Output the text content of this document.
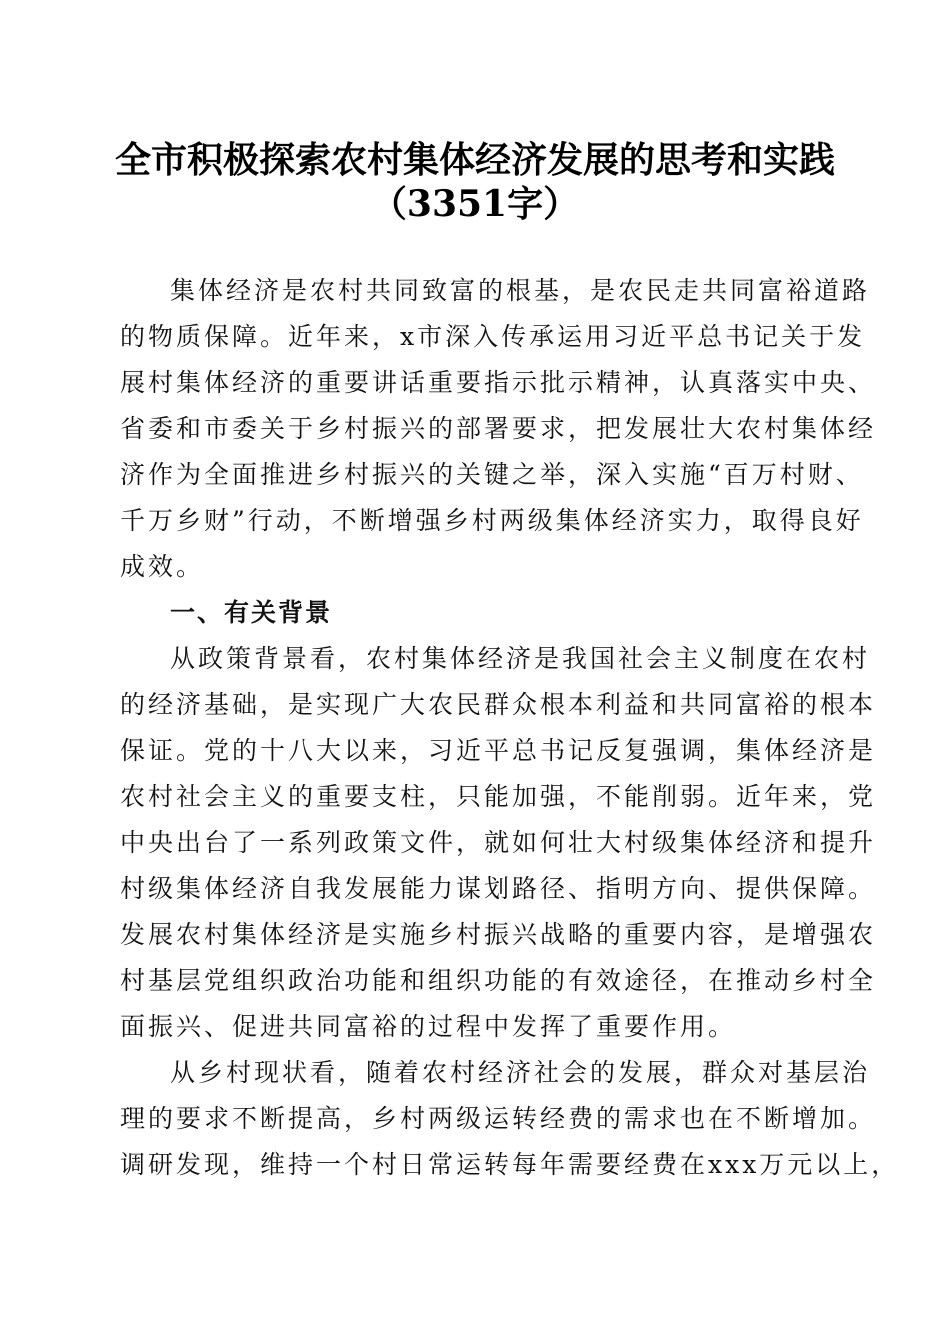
全市积极探索农村集体经济发展的思考和实践
（3351字）
集体经济是农村共同致富的根基，是农民走共同富裕道路
的物质保障。近年来，x市深入传承运用习近平总书记关于发
展村集体经济的重要讲话重要指示批示精神，认真落实中央、
省委和市委关于乡村振兴的部署要求，把发展壮大农村集体经
济作为全面推进乡村振兴的关键之举，深入实施“百万村财、
千万乡财”行动，不断增强乡村两级集体经济实力，取得良好
成效。
一、有关背景
从政策背景看，农村集体经济是我国社会主义制度在农村
的经济基础，是实现广大农民群众根本利益和共同富裕的根本
保证。党的十八大以来，习近平总书记反复强调，集体经济是
农村社会主义的重要支柱，只能加强，不能削弱。近年来，党
中央出台了一系列政策文件，就如何壮大村级集体经济和提升
村级集体经济自我发展能力谋划路径、指明方向、提供保障。
发展农村集体经济是实施乡村振兴战略的重要内容，是增强农
村基层党组织政治功能和组织功能的有效途径，在推动乡村全
面振兴、促进共同富裕的过程中发挥了重要作用。
从乡村现状看，随着农村经济社会的发展，群众对基层治
理的要求不断提高，乡村两级运转经费的需求也在不断增加。
调研发现，维持一个村日常运转每年需要经费在xxx万元以上，
